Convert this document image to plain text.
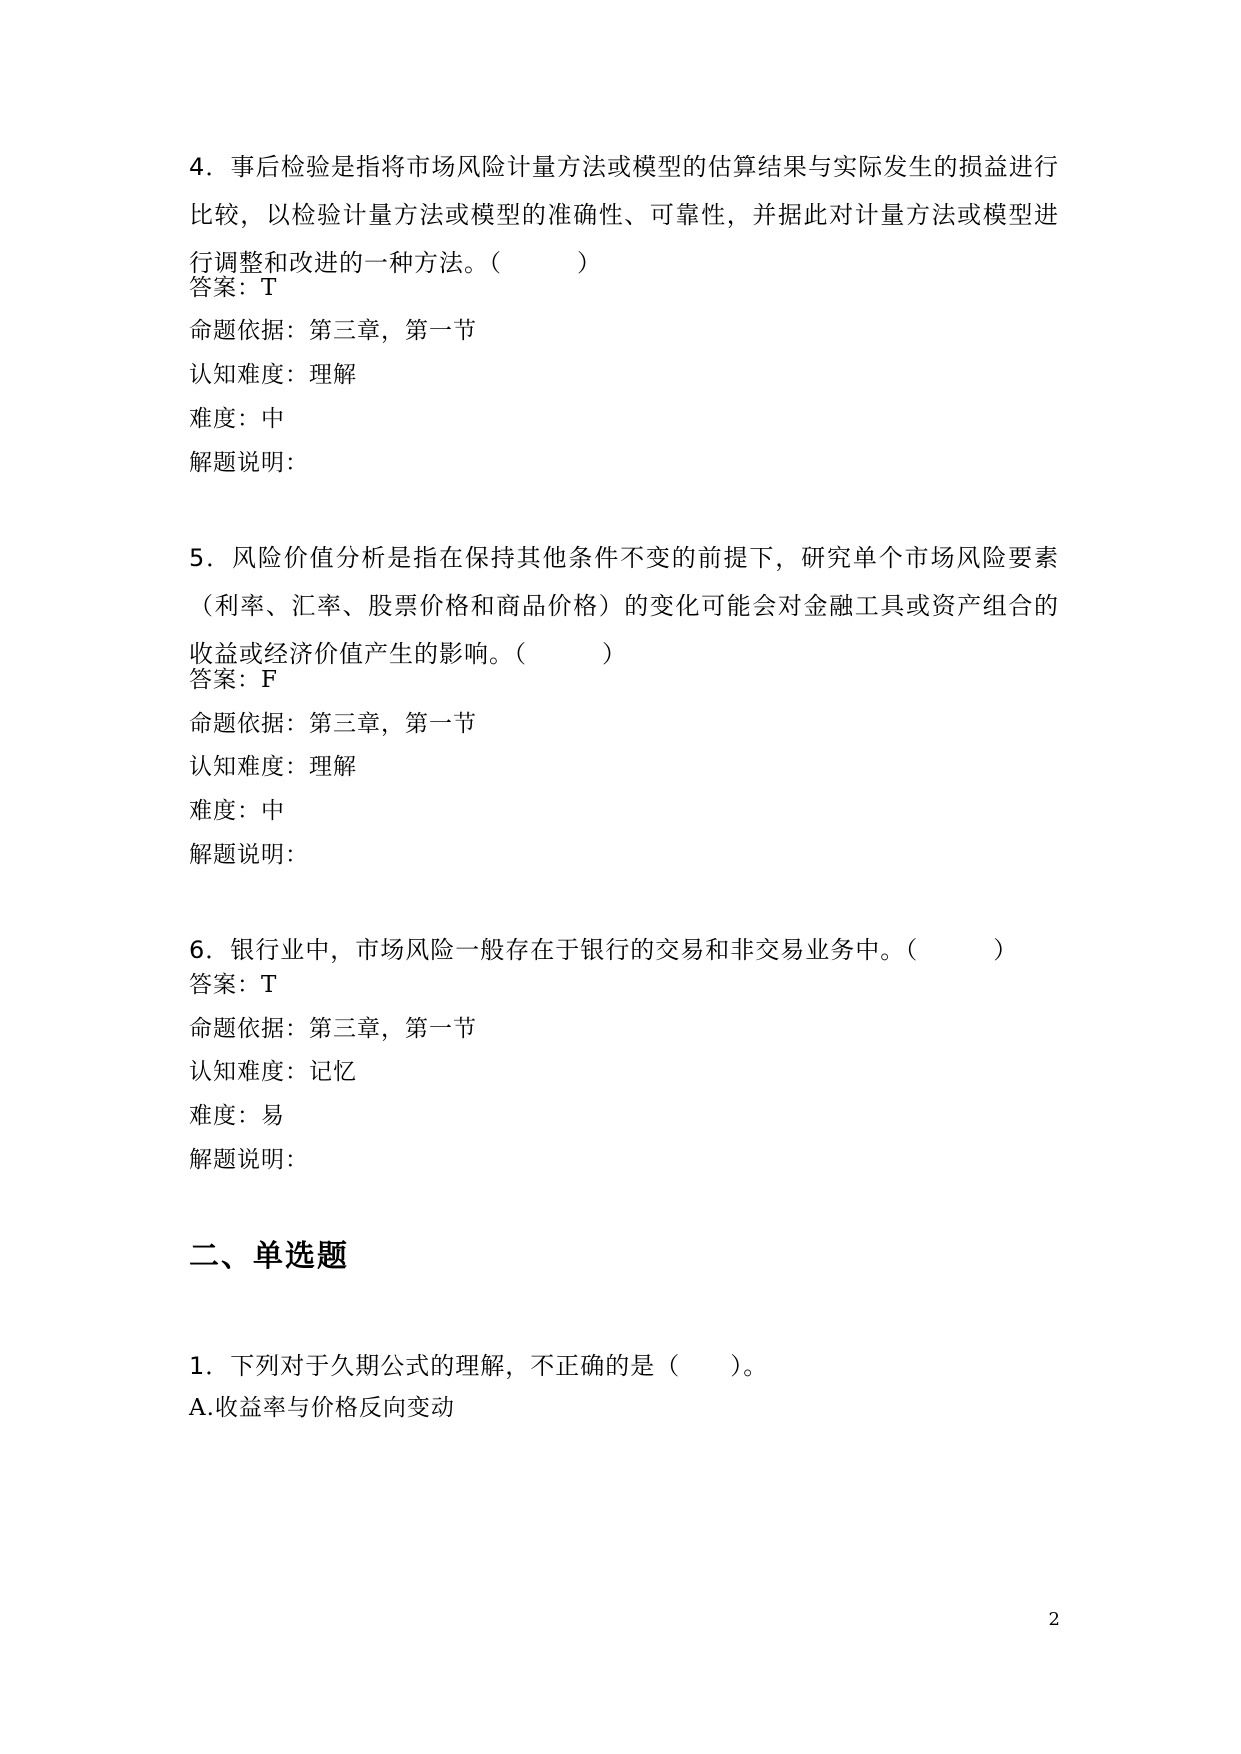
4．事后检验是指将市场风险计量方法或模型的估算结果与实际发生的损益进行比较，以检验计量方法或模型的准确性、可靠性，并据此对计量方法或模型进行调整和改进的一种方法。（　　　）

答案：T

命题依据：第三章，第一节

认知难度：理解

难度：中

解题说明：

5．风险价值分析是指在保持其他条件不变的前提下，研究单个市场风险要素（利率、汇率、股票价格和商品价格）的变化可能会对金融工具或资产组合的收益或经济价值产生的影响。（　　　）

答案：F

命题依据：第三章，第一节

认知难度：理解

难度：中

解题说明：

6．银行业中，市场风险一般存在于银行的交易和非交易业务中。（　　　）

答案：T

命题依据：第三章，第一节

认知难度：记忆

难度：易

解题说明：

二、单选题

1．下列对于久期公式的理解，不正确的是（　　）。

A.收益率与价格反向变动

2
